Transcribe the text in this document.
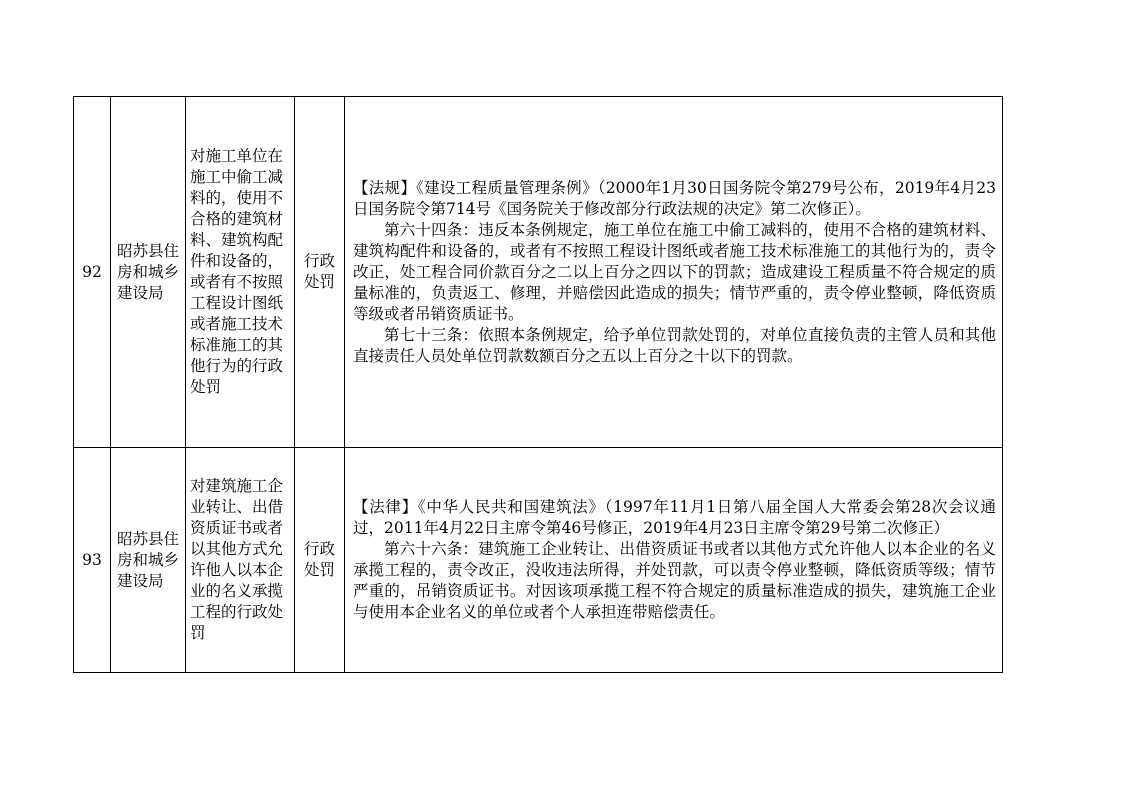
92	昭苏县住房和城乡建设局	对施工单位在施工中偷工减料的，使用不合格的建筑材料、建筑构配件和设备的，或者有不按照工程设计图纸或者施工技术标准施工的其他行为的行政处罚	行政处罚	【法规】《建设工程质量管理条例》（2000年1月30日国务院令第279号公布，2019年4月23日国务院令第714号《国务院关于修改部分行政法规的决定》第二次修正）。

第六十四条：违反本条例规定，施工单位在施工中偷工减料的，使用不合格的建筑材料、建筑构配件和设备的，或者有不按照工程设计图纸或者施工技术标准施工的其他行为的，责令改正，处工程合同价款百分之二以上百分之四以下的罚款；造成建设工程质量不符合规定的质量标准的，负责返工、修理，并赔偿因此造成的损失；情节严重的，责令停业整顿，降低资质等级或者吊销资质证书。

第七十三条：依照本条例规定，给予单位罚款处罚的，对单位直接负责的主管人员和其他直接责任人员处单位罚款数额百分之五以上百分之十以下的罚款。

93	昭苏县住房和城乡建设局	对建筑施工企业转让、出借资质证书或者以其他方式允许他人以本企业的名义承揽工程的行政处罚	行政处罚	【法律】《中华人民共和国建筑法》（1997年11月1日第八届全国人大常委会第28次会议通过，2011年4月22日主席令第46号修正，2019年4月23日主席令第29号第二次修正）

第六十六条：建筑施工企业转让、出借资质证书或者以其他方式允许他人以本企业的名义承揽工程的，责令改正，没收违法所得，并处罚款，可以责令停业整顿，降低资质等级；情节严重的，吊销资质证书。对因该项承揽工程不符合规定的质量标准造成的损失，建筑施工企业与使用本企业名义的单位或者个人承担连带赔偿责任。
